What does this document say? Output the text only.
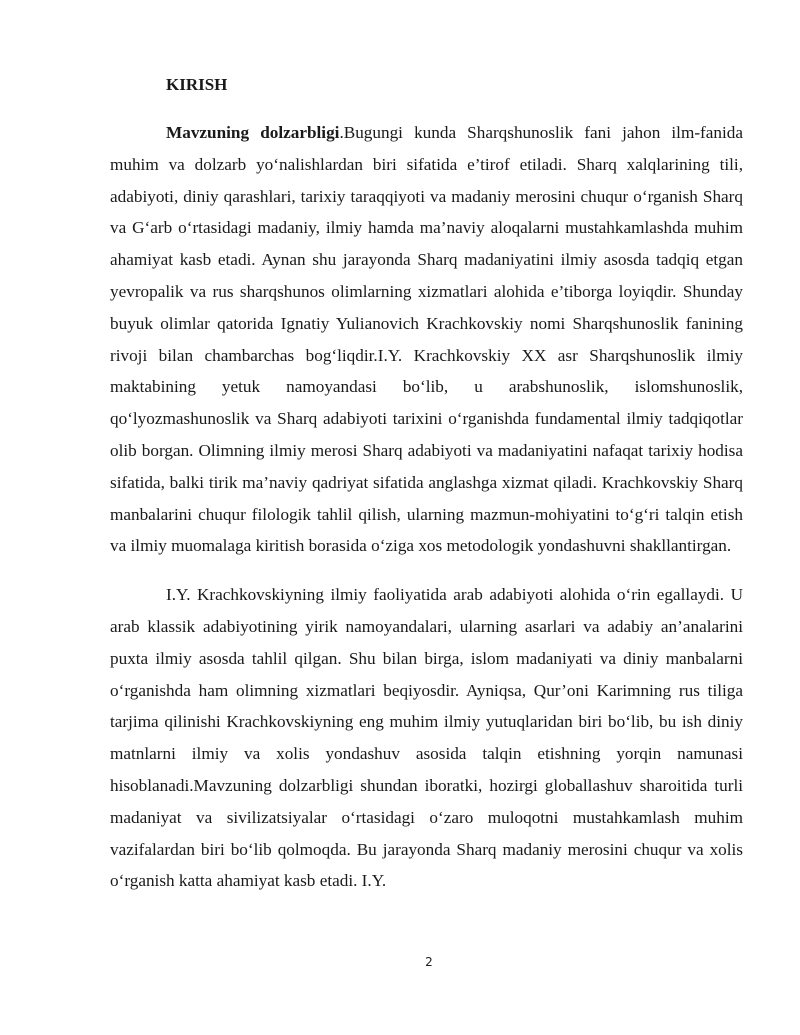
KIRISH

Mavzuning dolzarbligi.Bugungi kunda Sharqshunoslik fani jahon ilm-fanida muhim va dolzarb yo‘nalishlardan biri sifatida e’tirof etiladi. Sharq xalqlarining tili, adabiyoti, diniy qarashlari, tarixiy taraqqiyoti va madaniy merosini chuqur o‘rganish Sharq va G‘arb o‘rtasidagi madaniy, ilmiy hamda ma’naviy aloqalarni mustahkamlashda muhim ahamiyat kasb etadi. Aynan shu jarayonda Sharq madaniyatini ilmiy asosda tadqiq etgan yevropalik va rus sharqshunos olimlarning xizmatlari alohida e’tiborga loyiqdir. Shunday buyuk olimlar qatorida Ignatiy Yulianovich Krachkovskiy nomi Sharqshunoslik fanining rivoji bilan chambarchas bog‘liqdir.I.Y. Krachkovskiy XX asr Sharqshunoslik ilmiy maktabining yetuk namoyandasi bo‘lib, u arabshunoslik, islomshunoslik, qo‘lyozmashunoslik va Sharq adabiyoti tarixini o‘rganishda fundamental ilmiy tadqiqotlar olib borgan. Olimning ilmiy merosi Sharq adabiyoti va madaniyatini nafaqat tarixiy hodisa sifatida, balki tirik ma’naviy qadriyat sifatida anglashga xizmat qiladi. Krachkovskiy Sharq manbalarini chuqur filologik tahlil qilish, ularning mazmun-mohiyatini to‘g‘ri talqin etish va ilmiy muomalaga kiritish borasida o‘ziga xos metodologik yondashuvni shakllantirgan.

I.Y. Krachkovskiyning ilmiy faoliyatida arab adabiyoti alohida o‘rin egallaydi. U arab klassik adabiyotining yirik namoyandalari, ularning asarlari va adabiy an’analarini puxta ilmiy asosda tahlil qilgan. Shu bilan birga, islom madaniyati va diniy manbalarni o‘rganishda ham olimning xizmatlari beqiyosdir. Ayniqsa, Qur’oni Karimning rus tiliga tarjima qilinishi Krachkovskiyning eng muhim ilmiy yutuqlaridan biri bo‘lib, bu ish diniy matnlarni ilmiy va xolis yondashuv asosida talqin etishning yorqin namunasi hisoblanadi.Mavzuning dolzarbligi shundan iboratki, hozirgi globallashuv sharoitida turli madaniyat va sivilizatsiyalar o‘rtasidagi o‘zaro muloqotni mustahkamlash muhim vazifalardan biri bo‘lib qolmoqda. Bu jarayonda Sharq madaniy merosini chuqur va xolis o‘rganish katta ahamiyat kasb etadi. I.Y.

2
